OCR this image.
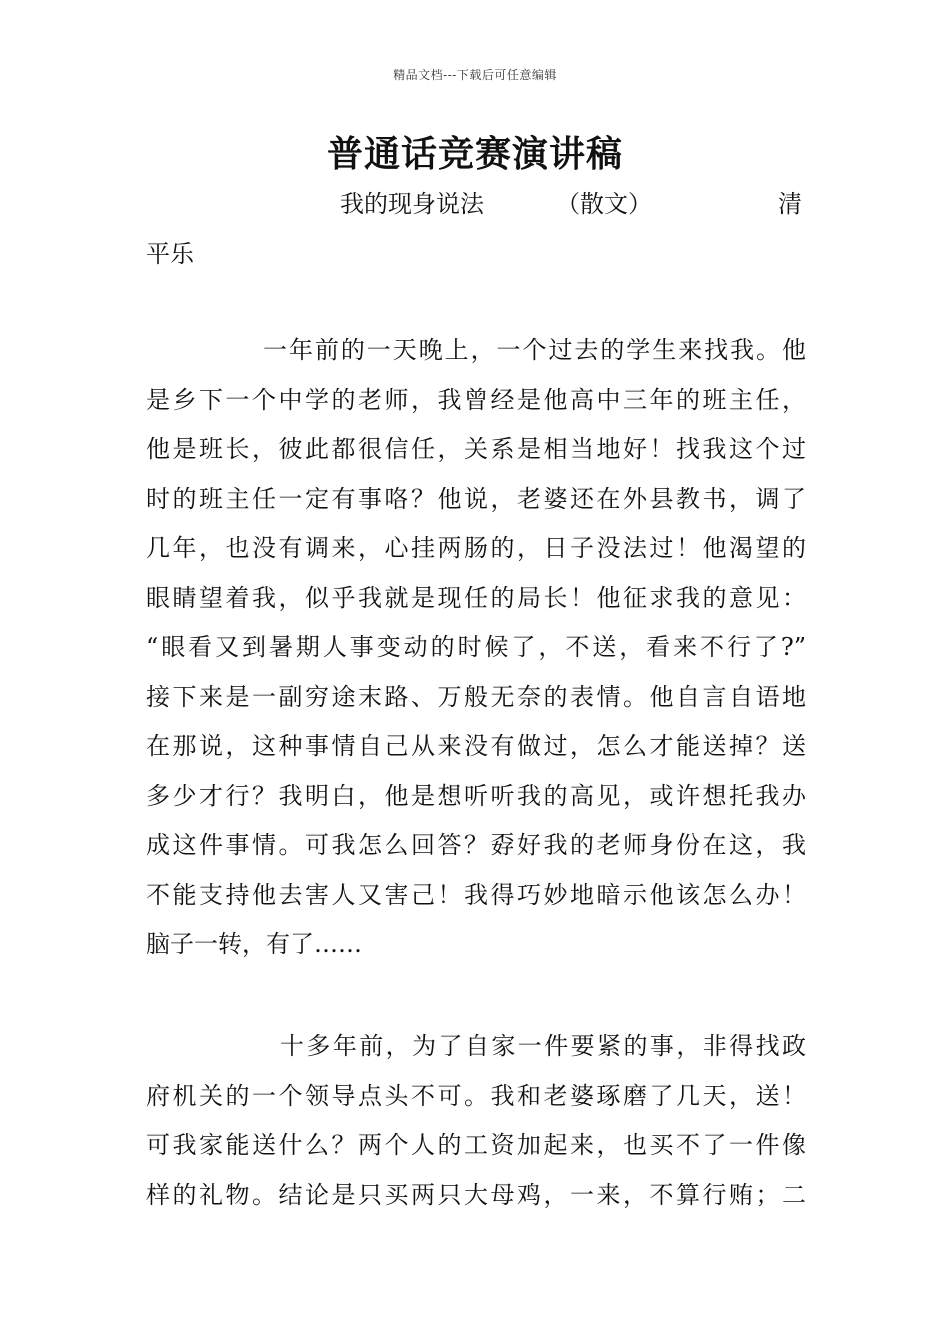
精品文档---下载后可任意编辑
普通话竞赛演讲稿
我的现身说法	（散文）	清
平乐
一年前的一天晚上，一个过去的学生来找我。他
是乡下一个中学的老师，我曾经是他高中三年的班主任，
他是班长，彼此都很信任，关系是相当地好！找我这个过
时的班主任一定有事咯？他说，老婆还在外县教书，调了
几年，也没有调来，心挂两肠的，日子没法过！他渴望的
眼睛望着我，似乎我就是现任的局长！他征求我的意见：
“眼看又到暑期人事变动的时候了，不送，看来不行了?”
接下来是一副穷途末路、万般无奈的表情。他自言自语地
在那说，这种事情自己从来没有做过，怎么才能送掉？送
多少才行？我明白，他是想听听我的高见，或许想托我办
成这件事情。可我怎么回答？孬好我的老师身份在这，我
不能支持他去害人又害己！我得巧妙地暗示他该怎么办！
脑子一转，有了……
十多年前，为了自家一件要紧的事，非得找政
府机关的一个领导点头不可。我和老婆琢磨了几天，送！
可我家能送什么？两个人的工资加起来，也买不了一件像
样的礼物。结论是只买两只大母鸡，一来，不算行贿；二
